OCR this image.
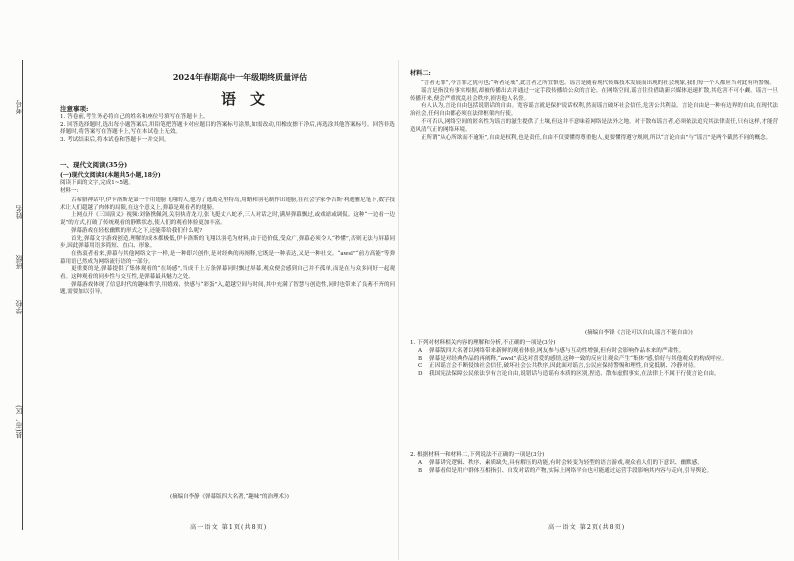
考号
姓名
班级
学校
县(市、区)
2024年春期高中一年级期终质量评估
语文
注意事项:
1. 答卷前,考生务必将自己的姓名和座位号填写在答题卡上。
2. 回答选择题时,选出每小题答案后,用铅笔把答题卡对应题目的答案标号涂黑,如需改动,用橡皮擦干净后,再选涂其他答案标号。回答非选择题时,将答案写在答题卡上,写在本试卷上无效。
3. 考试结束后,将本试卷和答题卡一并交回。
一、现代文阅读(35分)
(一)现代文阅读Ⅰ(本题共5小题,18分)
阅读下面的文字,完成1~5题。
材料一:

古希腊神话中,伊卡洛斯是第一个用翅膀飞翔的人,他为了逃离克里特岛,用蜡和羽毛制作出翅膀,在社会学家李吉斯·利迪雅尼笔下,数字技术让人们超越了肉体的局限,在这个意义上,弹幕是观看者的翅膀。

上网点开《三国演义》视频:刘备携佩剑,关羽执青龙刀,张飞挺丈八蛇矛,三人对话之时,满屏弹幕飘过,或戏谑或调侃。这种“一边看一边说”的方式,打破了传统观看的静默状态,使人们的观看体验更加丰富。

弹幕游戏在轻松幽默的形式之下,还能带给我们什么呢?

首先,弹幕文字游戏创造,理解的成本都极低,伊卡洛斯的飞翔以羽毛为材料,由于造价低,受众广,弹幕必须令人“秒懂”,否则无法与屏幕同步,因此弹幕用语多简短、直白、形象。

在热衷者看来,弹幕与其他网络文字一样,是一种即兴创作,是对经典的再阐释,它既是一种表达,又是一种社交。“awsl”“前方高能”等弹幕用语已然成为网络流行语的一部分。

更重要的是,弹幕提供了集体观看的“在场感”,当成千上万条弹幕同时飘过屏幕,观众便会感到自己并不孤单,而是在与众多同好一起观看。这种观看的同步性与交互性,是弹幕最具魅力之处。

弹幕游戏体现了信息时代的趣味哲学,用嬉戏、快感与“彩蛋”入,超越空间与时间,其中充满了智慧与创造性,同时也带来了良莠不齐的问题,需要加以引导。

(摘编自李静《弹幕版四大名著,“趣味”的治理术》)
高一语文 第1页(共8页)
材料二:

“言者无罪”,今言罪之犹可也;“听者足戒”,此言者之所宜慎也。谣言是随着现代传媒技术发展而出现的社会现象,我们每一个人都应当对此有所警惕。

谣言是指没有事实根据,却被传播出去并通过一定手段传播给公众的言论。在网络空间,谣言往往借助新兴媒体迅速扩散,其危害不可小觑。谣言一旦传播开来,便会严重扰乱社会秩序,损害他人名誉。

有人认为,言论自由包括说错话的自由。宽容谣言就是保护说话权利,然而谣言破坏社会信任,危害公共利益。言论自由是一种有边界的自由,在现代法治社会,任何自由都必须在法律框架内行使。

不可否认,网络空间的匿名性为谣言的滋生提供了土壤,但这并不意味着网络是法外之地。对于散布谣言者,必须依法追究其法律责任,只有这样,才能营造风清气正的网络环境。

正所谓“从心所欲而不逾矩”,自由是权利,也是责任,自由不仅要懂得尊重他人,更要懂得遵守规则,所以“言论自由”与“谣言”是两个截然不同的概念。

(摘编自李锋《言论可以自由,谣言不能自由》)
1. 下列对材料相关内容的理解和分析,不正确的一项是(3分)
A	弹幕版四大名著以网络带来新鲜的观看体验,网友参与感与互动性增强,但有时会影响作品本来的严肃性。
B	弹幕是对经典作品的再阐释,“awsl”表达对喜爱的感情,这种一致的反应让观众产生“集体”感,恰好与其他观众的构成呼应。
C	正因谣言会不断侵蚀社会信任,破坏社会公共秩序,因此面对谣言,公民应保持警惕和理性,自觉抵制、冷静对待。
D	我国宪法保障公民依法享有言论自由,说错话与造谣有本质的区别,捏造、散布虚假事实,在法律上不属于行使言论自由。
2. 根据材料一和材料二,下列说法不正确的一项是(3分)
A	弹幕讲究逻辑、秩序、素质缺失,具有解压的功能,有时会转变为轻型的语言游戏,观众看人们的下意识、幽默感。
B	弹幕看似是用户群体互相指引、自发对话的产物,实际上网络平台也可能通过运营手段影响其内容与走向,引导舆论。
高一语文 第2页(共8页)
